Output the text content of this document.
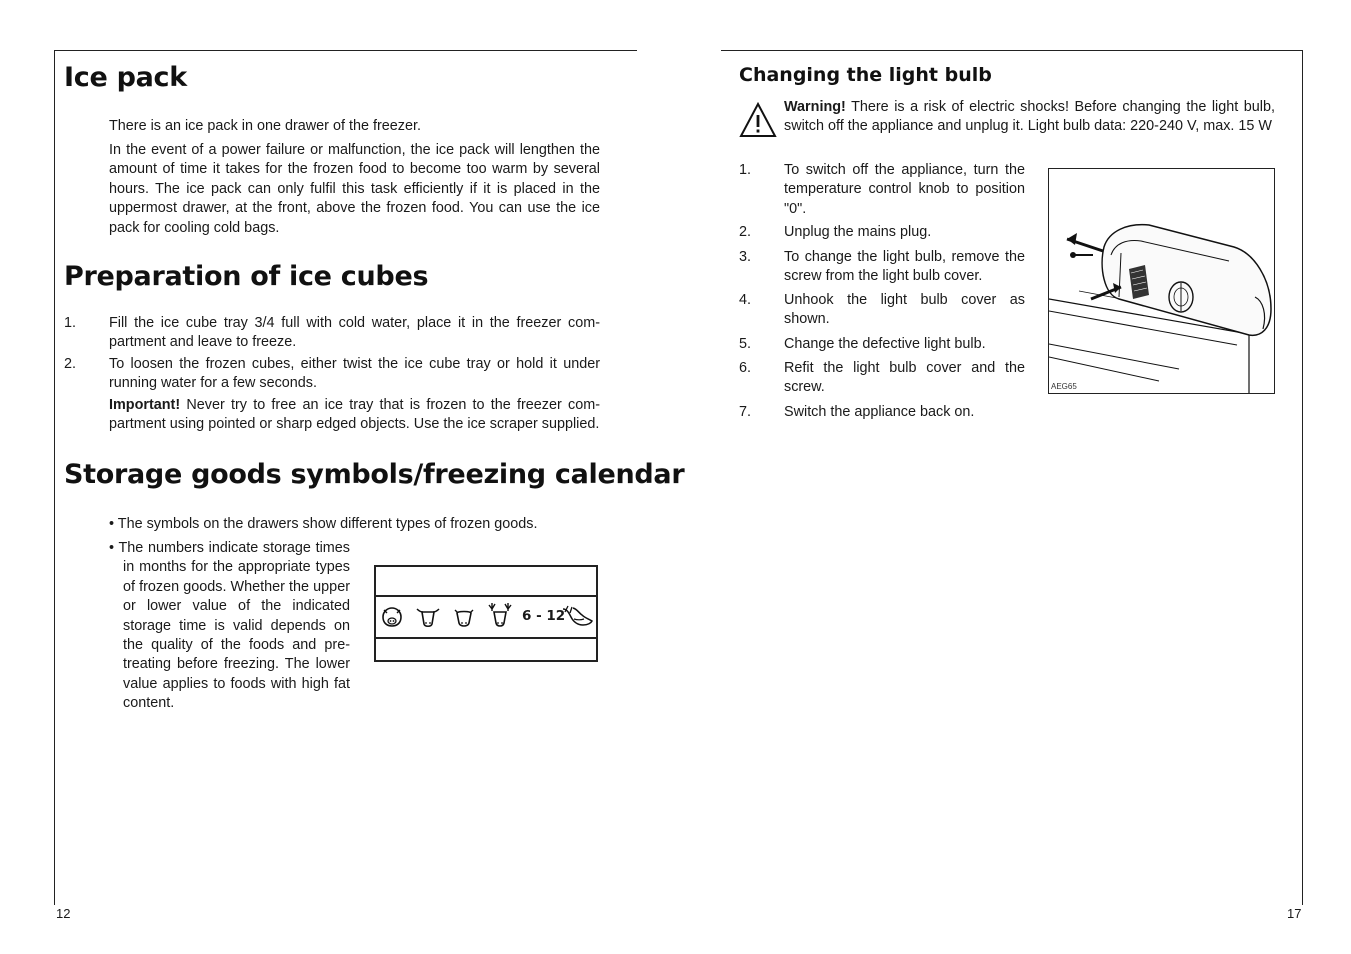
Ice pack

There is an ice pack in one drawer of the freezer.

In the event of a power failure or malfunction, the ice pack will lengthen the amount of time it takes for the frozen food to become too warm by several hours. The ice pack can only fulfil this task efficiently if it is placed in the uppermost drawer, at the front, above the frozen food. You can use the ice pack for cooling cold bags.

Preparation of ice cubes
1. Fill the ice cube tray 3/4 full with cold water, place it in the freezer com-partment and leave to freeze.

2. To loosen the frozen cubes, either twist the ice cube tray or hold it under running water for a few seconds.

Important! Never try to free an ice tray that is frozen to the freezer com-partment using pointed or sharp edged objects. Use the ice scraper supplied.

Storage goods symbols/freezing calendar

• The symbols on the drawers show different types of frozen goods.

• The numbers indicate storage times in months for the appropriate types of frozen goods. Whether the upper or lower value of the indicated storage time is valid depends on the quality of the foods and pre-treating before freezing. The lower value applies to foods with high fat content.

6 - 12
12
Changing the light bulb

Warning! There is a risk of electric shocks! Before changing the light bulb, switch off the appliance and unplug it. Light bulb data: 220-240 V, max. 15 W

1. To switch off the appliance, turn the temperature control knob to position "0".

2. Unplug the mains plug.

3. To change the light bulb, remove the screw from the light bulb cover.

4. Unhook the light bulb cover as shown.

5. Change the defective light bulb.

6. Refit the light bulb cover and the screw.

7. Switch the appliance back on.

AEG65
17
